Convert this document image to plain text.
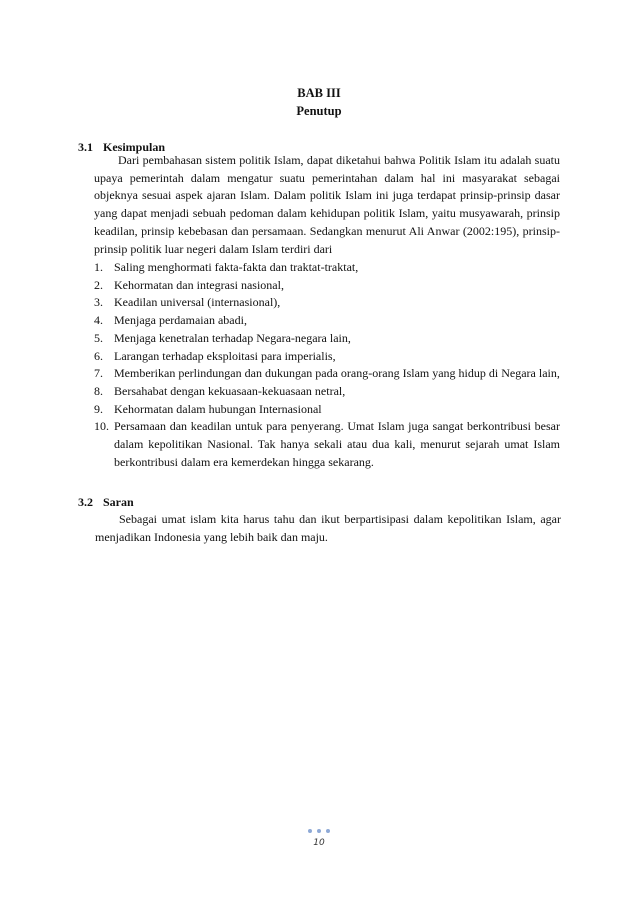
BAB III
Penutup
3.1 Kesimpulan

Dari pembahasan sistem politik Islam, dapat diketahui bahwa Politik Islam itu adalah suatu upaya pemerintah dalam mengatur suatu pemerintahan dalam hal ini masyarakat sebagai objeknya sesuai aspek ajaran Islam. Dalam politik Islam ini juga terdapat prinsip-prinsip dasar yang dapat menjadi sebuah pedoman dalam kehidupan politik Islam, yaitu musyawarah, prinsip keadilan, prinsip kebebasan dan persamaan. Sedangkan menurut Ali Anwar (2002:195), prinsip-prinsip politik luar negeri dalam Islam terdiri dari

1. Saling menghormati fakta-fakta dan traktat-traktat,
2. Kehormatan dan integrasi nasional,
3. Keadilan universal (internasional),
4. Menjaga perdamaian abadi,
5. Menjaga kenetralan terhadap Negara-negara lain,
6. Larangan terhadap eksploitasi para imperialis,
7. Memberikan perlindungan dan dukungan pada orang-orang Islam yang hidup di Negara lain,
8. Bersahabat dengan kekuasaan-kekuasaan netral,
9. Kehormatan dalam hubungan Internasional
10. Persamaan dan keadilan untuk para penyerang. Umat Islam juga sangat berkontribusi besar dalam kepolitikan Nasional. Tak hanya sekali atau dua kali, menurut sejarah umat Islam berkontribusi dalam era kemerdekan hingga sekarang.
3.2 Saran

Sebagai umat islam kita harus tahu dan ikut berpartisipasi dalam kepolitikan Islam, agar menjadikan Indonesia yang lebih baik dan maju.

10
